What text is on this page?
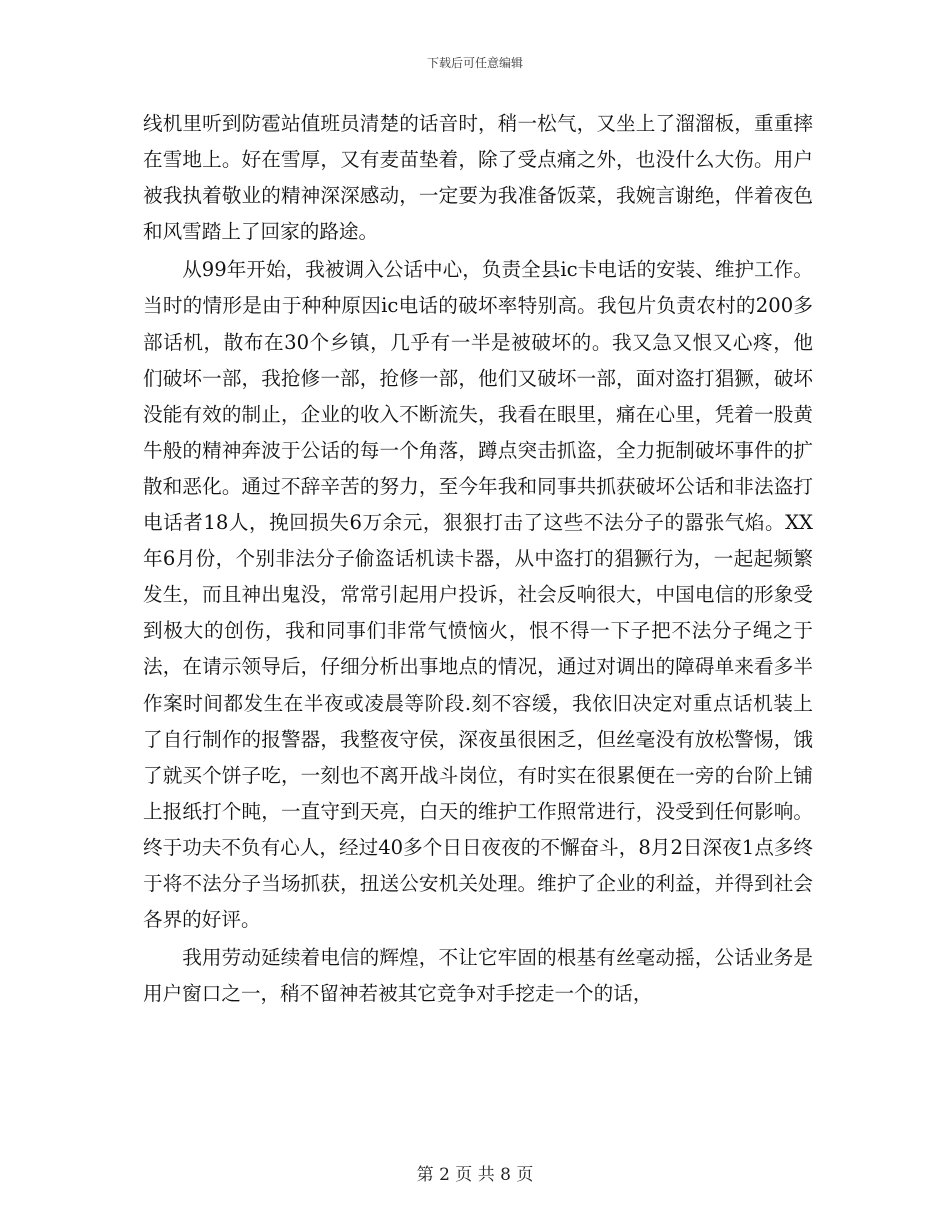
下载后可任意编辑

线机里听到防雹站值班员清楚的话音时，稍一松气，又坐上了溜溜板，重重摔在雪地上。好在雪厚，又有麦苗垫着，除了受点痛之外，也没什么大伤。用户被我执着敬业的精神深深感动，一定要为我准备饭菜，我婉言谢绝，伴着夜色和风雪踏上了回家的路途。

从99年开始，我被调入公话中心，负责全县ic卡电话的安装、维护工作。当时的情形是由于种种原因ic电话的破坏率特别高。我包片负责农村的200多部话机，散布在30个乡镇，几乎有一半是被破坏的。我又急又恨又心疼，他们破坏一部，我抢修一部，抢修一部，他们又破坏一部，面对盗打猖獗，破坏没能有效的制止，企业的收入不断流失，我看在眼里，痛在心里，凭着一股黄牛般的精神奔波于公话的每一个角落，蹲点突击抓盗，全力扼制破坏事件的扩散和恶化。通过不辞辛苦的努力，至今年我和同事共抓获破坏公话和非法盗打电话者18人，挽回损失6万余元，狠狠打击了这些不法分子的嚣张气焰。XX年6月份，个别非法分子偷盗话机读卡器，从中盗打的猖獗行为，一起起频繁发生，而且神出鬼没，常常引起用户投诉，社会反响很大，中国电信的形象受到极大的创伤，我和同事们非常气愤恼火，恨不得一下子把不法分子绳之于法，在请示领导后，仔细分析出事地点的情况，通过对调出的障碍单来看多半作案时间都发生在半夜或凌晨等阶段.刻不容缓，我依旧决定对重点话机装上了自行制作的报警器，我整夜守侯，深夜虽很困乏，但丝毫没有放松警惕，饿了就买个饼子吃，一刻也不离开战斗岗位，有时实在很累便在一旁的台阶上铺上报纸打个盹，一直守到天亮，白天的维护工作照常进行，没受到任何影响。终于功夫不负有心人，经过40多个日日夜夜的不懈奋斗，8月2日深夜1点多终于将不法分子当场抓获，扭送公安机关处理。维护了企业的利益，并得到社会各界的好评。

我用劳动延续着电信的辉煌，不让它牢固的根基有丝毫动摇，公话业务是用户窗口之一，稍不留神若被其它竞争对手挖走一个的话，

第 2 页 共 8 页
